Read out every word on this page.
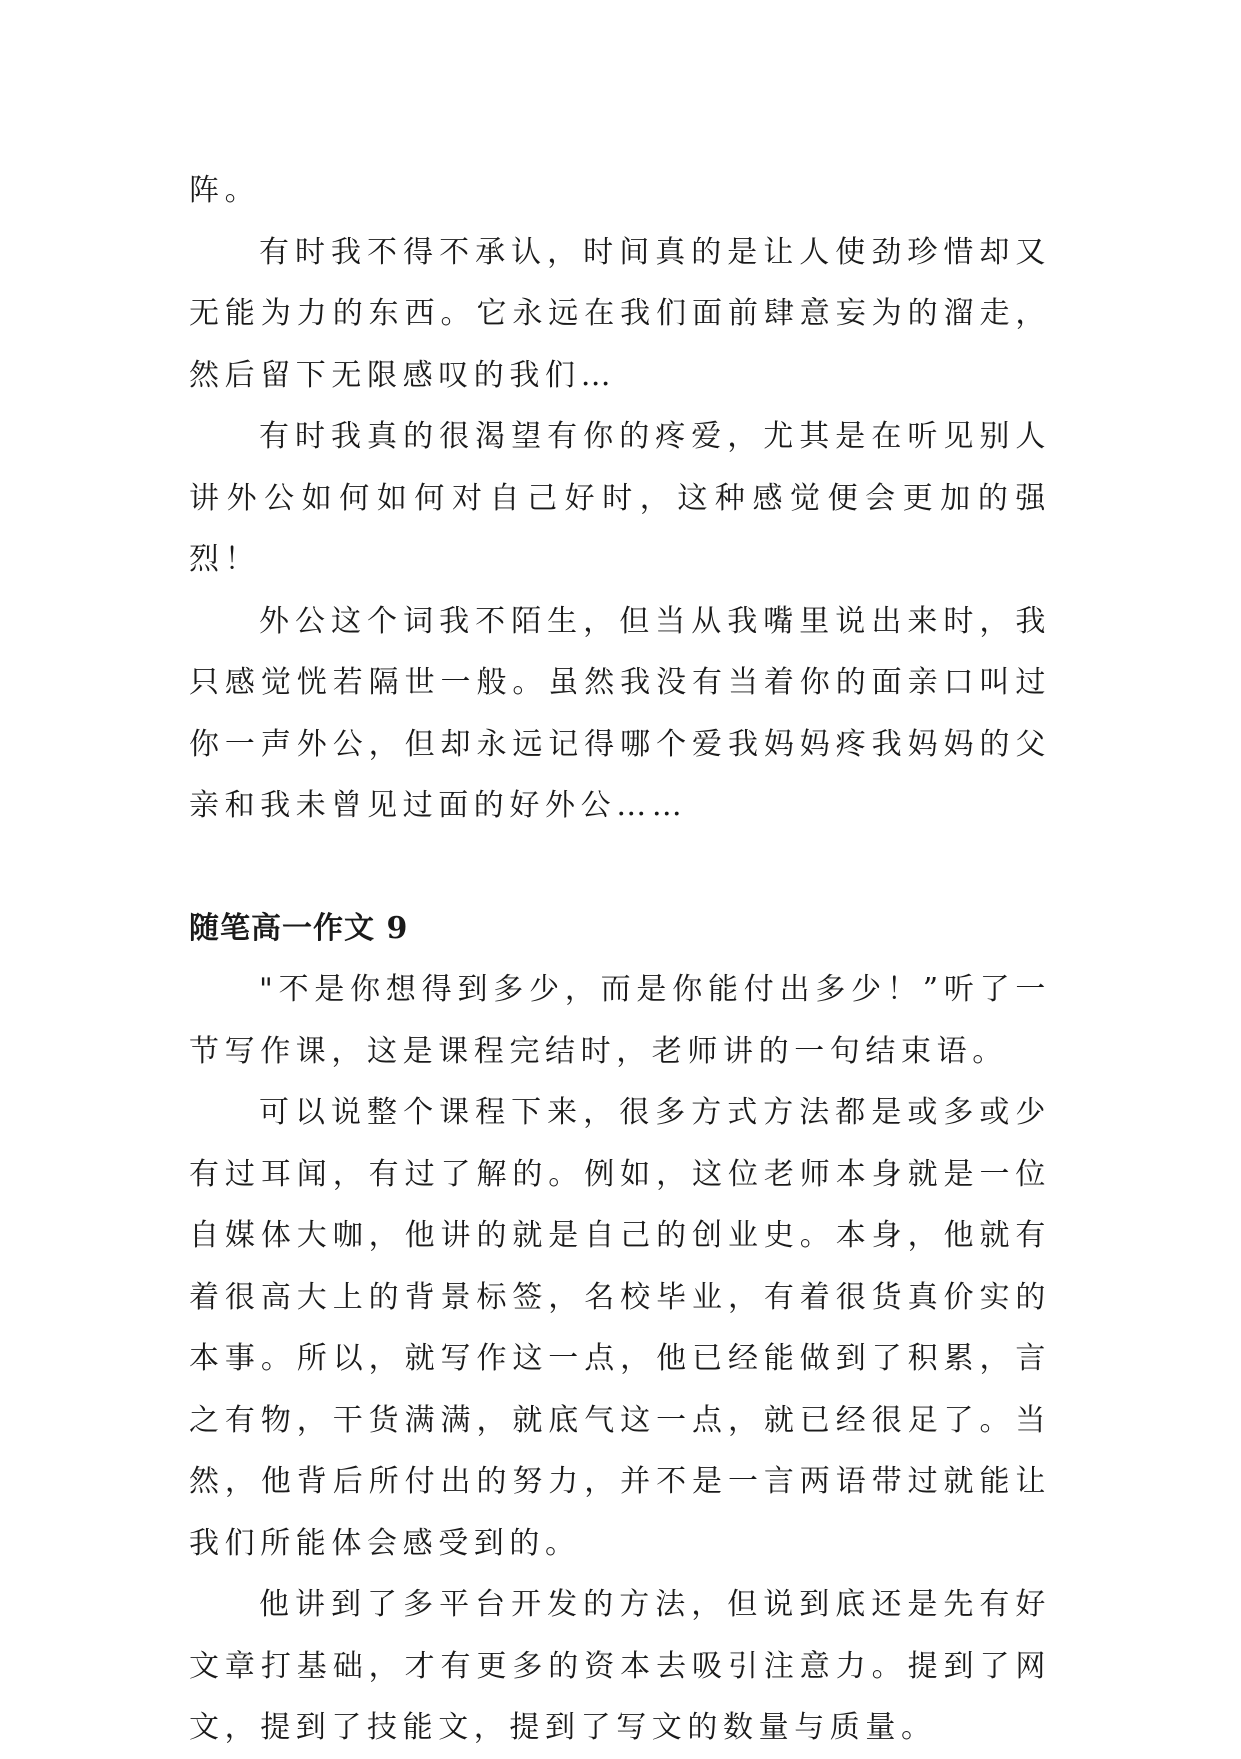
阵。

有时我不得不承认，时间真的是让人使劲珍惜却又无能为力的东西。它永远在我们面前肆意妄为的溜走，然后留下无限感叹的我们…

有时我真的很渴望有你的疼爱，尤其是在听见别人讲外公如何如何对自己好时，这种感觉便会更加的强烈！

外公这个词我不陌生，但当从我嘴里说出来时，我只感觉恍若隔世一般。虽然我没有当着你的面亲口叫过你一声外公，但却永远记得哪个爱我妈妈疼我妈妈的父亲和我未曾见过面的好外公……

随笔高一作文 9

"不是你想得到多少，而是你能付出多少！”听了一节写作课，这是课程完结时，老师讲的一句结束语。

可以说整个课程下来，很多方式方法都是或多或少有过耳闻，有过了解的。例如，这位老师本身就是一位自媒体大咖，他讲的就是自己的创业史。本身，他就有着很高大上的背景标签，名校毕业，有着很货真价实的本事。所以，就写作这一点，他已经能做到了积累，言之有物，干货满满，就底气这一点，就已经很足了。当然，他背后所付出的努力，并不是一言两语带过就能让我们所能体会感受到的。

他讲到了多平台开发的方法，但说到底还是先有好文章打基础，才有更多的资本去吸引注意力。提到了网文，提到了技能文，提到了写文的数量与质量。
